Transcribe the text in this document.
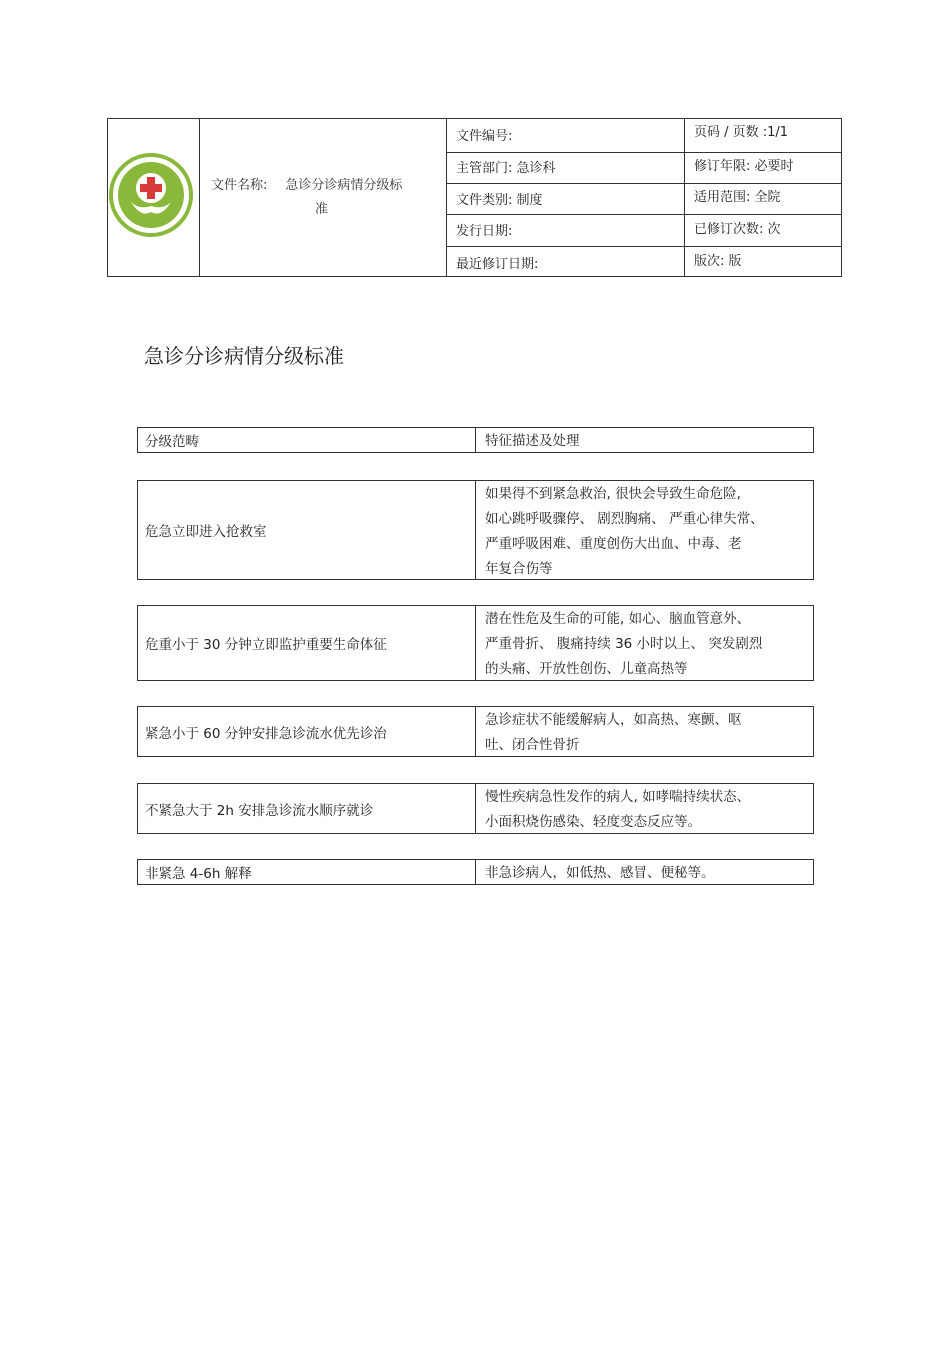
文件名称: 急诊分诊病情分级标
准
文件编号:
主管部门: 急诊科
文件类别: 制度
发行日期:
最近修订日期:
页码 / 页数 :1/1
修订年限: 必要时
适用范围: 全院
已修订次数: 次
版次: 版
急诊分诊病情分级标准
分级范畴	特征描述及处理
危急立即进入抢救室
如果得不到紧急救治, 很快会导致生命危险,
如心跳呼吸骤停、 剧烈胸痛、 严重心律失常、
严重呼吸困难、重度创伤大出血、中毒、老
年复合伤等
危重小于 30 分钟立即监护重要生命体征
潜在性危及生命的可能, 如心、脑血管意外、
严重骨折、 腹痛持续 36 小时以上、 突发剧烈
的头痛、开放性创伤、儿童高热等
紧急小于 60 分钟安排急诊流水优先诊治
急诊症状不能缓解病人，如高热、寒颤、呕
吐、闭合性骨折
不紧急大于 2h 安排急诊流水顺序就诊
慢性疾病急性发作的病人, 如哮喘持续状态、
小面积烧伤感染、轻度变态反应等。
非紧急 4-6h 解释	非急诊病人，如低热、感冒、便秘等。
